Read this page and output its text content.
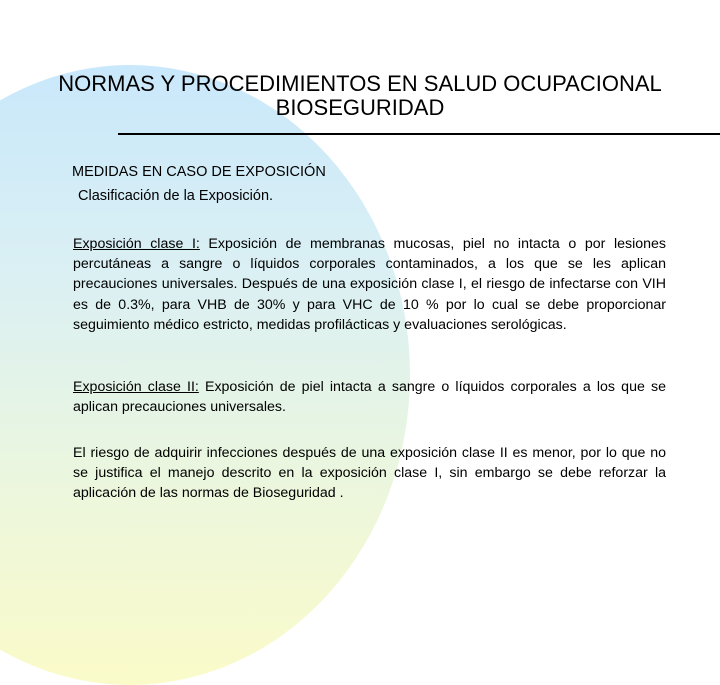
NORMAS Y PROCEDIMIENTOS EN SALUD OCUPACIONAL
BIOSEGURIDAD
MEDIDAS EN CASO DE EXPOSICIÓN
Clasificación de la Exposición.
Exposición clase I: Exposición de membranas mucosas, piel no intacta o por lesiones percutáneas a sangre o líquidos corporales contaminados, a los que se les aplican precauciones universales. Después de una exposición clase I, el riesgo de infectarse con VIH es de 0.3%, para VHB de 30% y para VHC de 10 % por lo cual se debe proporcionar seguimiento médico estricto, medidas profilácticas y evaluaciones serológicas.
Exposición clase II: Exposición de piel intacta a sangre o líquidos corporales a los que se aplican precauciones universales.
El riesgo de adquirir infecciones después de una exposición clase II es menor, por lo que no se justifica el manejo descrito en la exposición clase I, sin embargo se debe reforzar la aplicación de las normas de Bioseguridad .
